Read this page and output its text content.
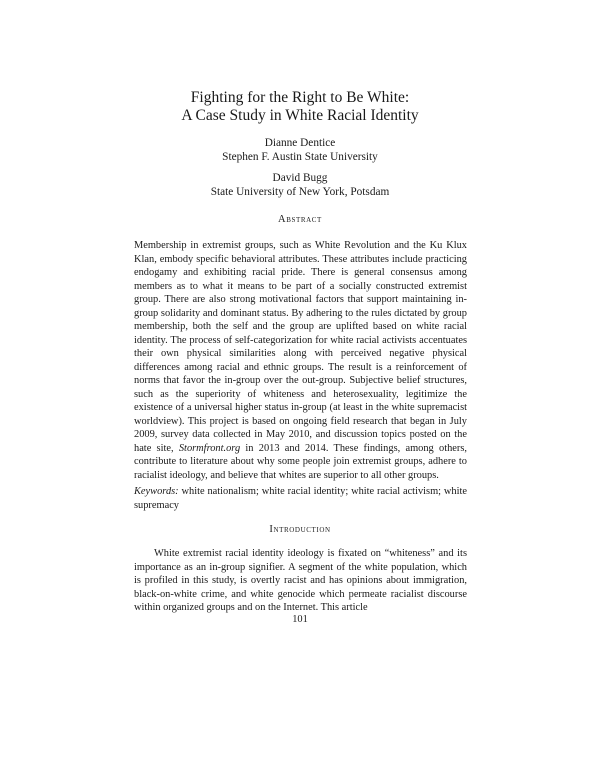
Fighting for the Right to Be White:
A Case Study in White Racial Identity
Dianne Dentice
Stephen F. Austin State University
David Bugg
State University of New York, Potsdam
Abstract

Membership in extremist groups, such as White Revolution and the Ku Klux Klan, embody specific behavioral attributes. These attributes include practicing endogamy and exhibiting racial pride. There is general consensus among members as to what it means to be part of a socially constructed extremist group. There are also strong motivational factors that support maintaining in-group solidarity and dominant status. By adhering to the rules dictated by group membership, both the self and the group are uplifted based on white racial identity. The process of self-categorization for white racial activists accentuates their own physical similarities along with perceived negative physical differences among racial and ethnic groups. The result is a reinforcement of norms that favor the in-group over the out-group. Subjective belief structures, such as the superiority of whiteness and heterosexuality, legitimize the existence of a universal higher status in-group (at least in the white supremacist worldview). This project is based on ongoing field research that began in July 2009, survey data collected in May 2010, and discussion topics posted on the hate site, Stormfront.org in 2013 and 2014. These findings, among others, contribute to literature about why some people join extremist groups, adhere to racialist ideology, and believe that whites are superior to all other groups.

Keywords: white nationalism; white racial identity; white racial activism; white supremacy

Introduction

White extremist racial identity ideology is fixated on “whiteness” and its importance as an in-group signifier. A segment of the white population, which is profiled in this study, is overtly racist and has opinions about immigration, black-on-white crime, and white genocide which permeate racialist discourse within organized groups and on the Internet. This article

101
